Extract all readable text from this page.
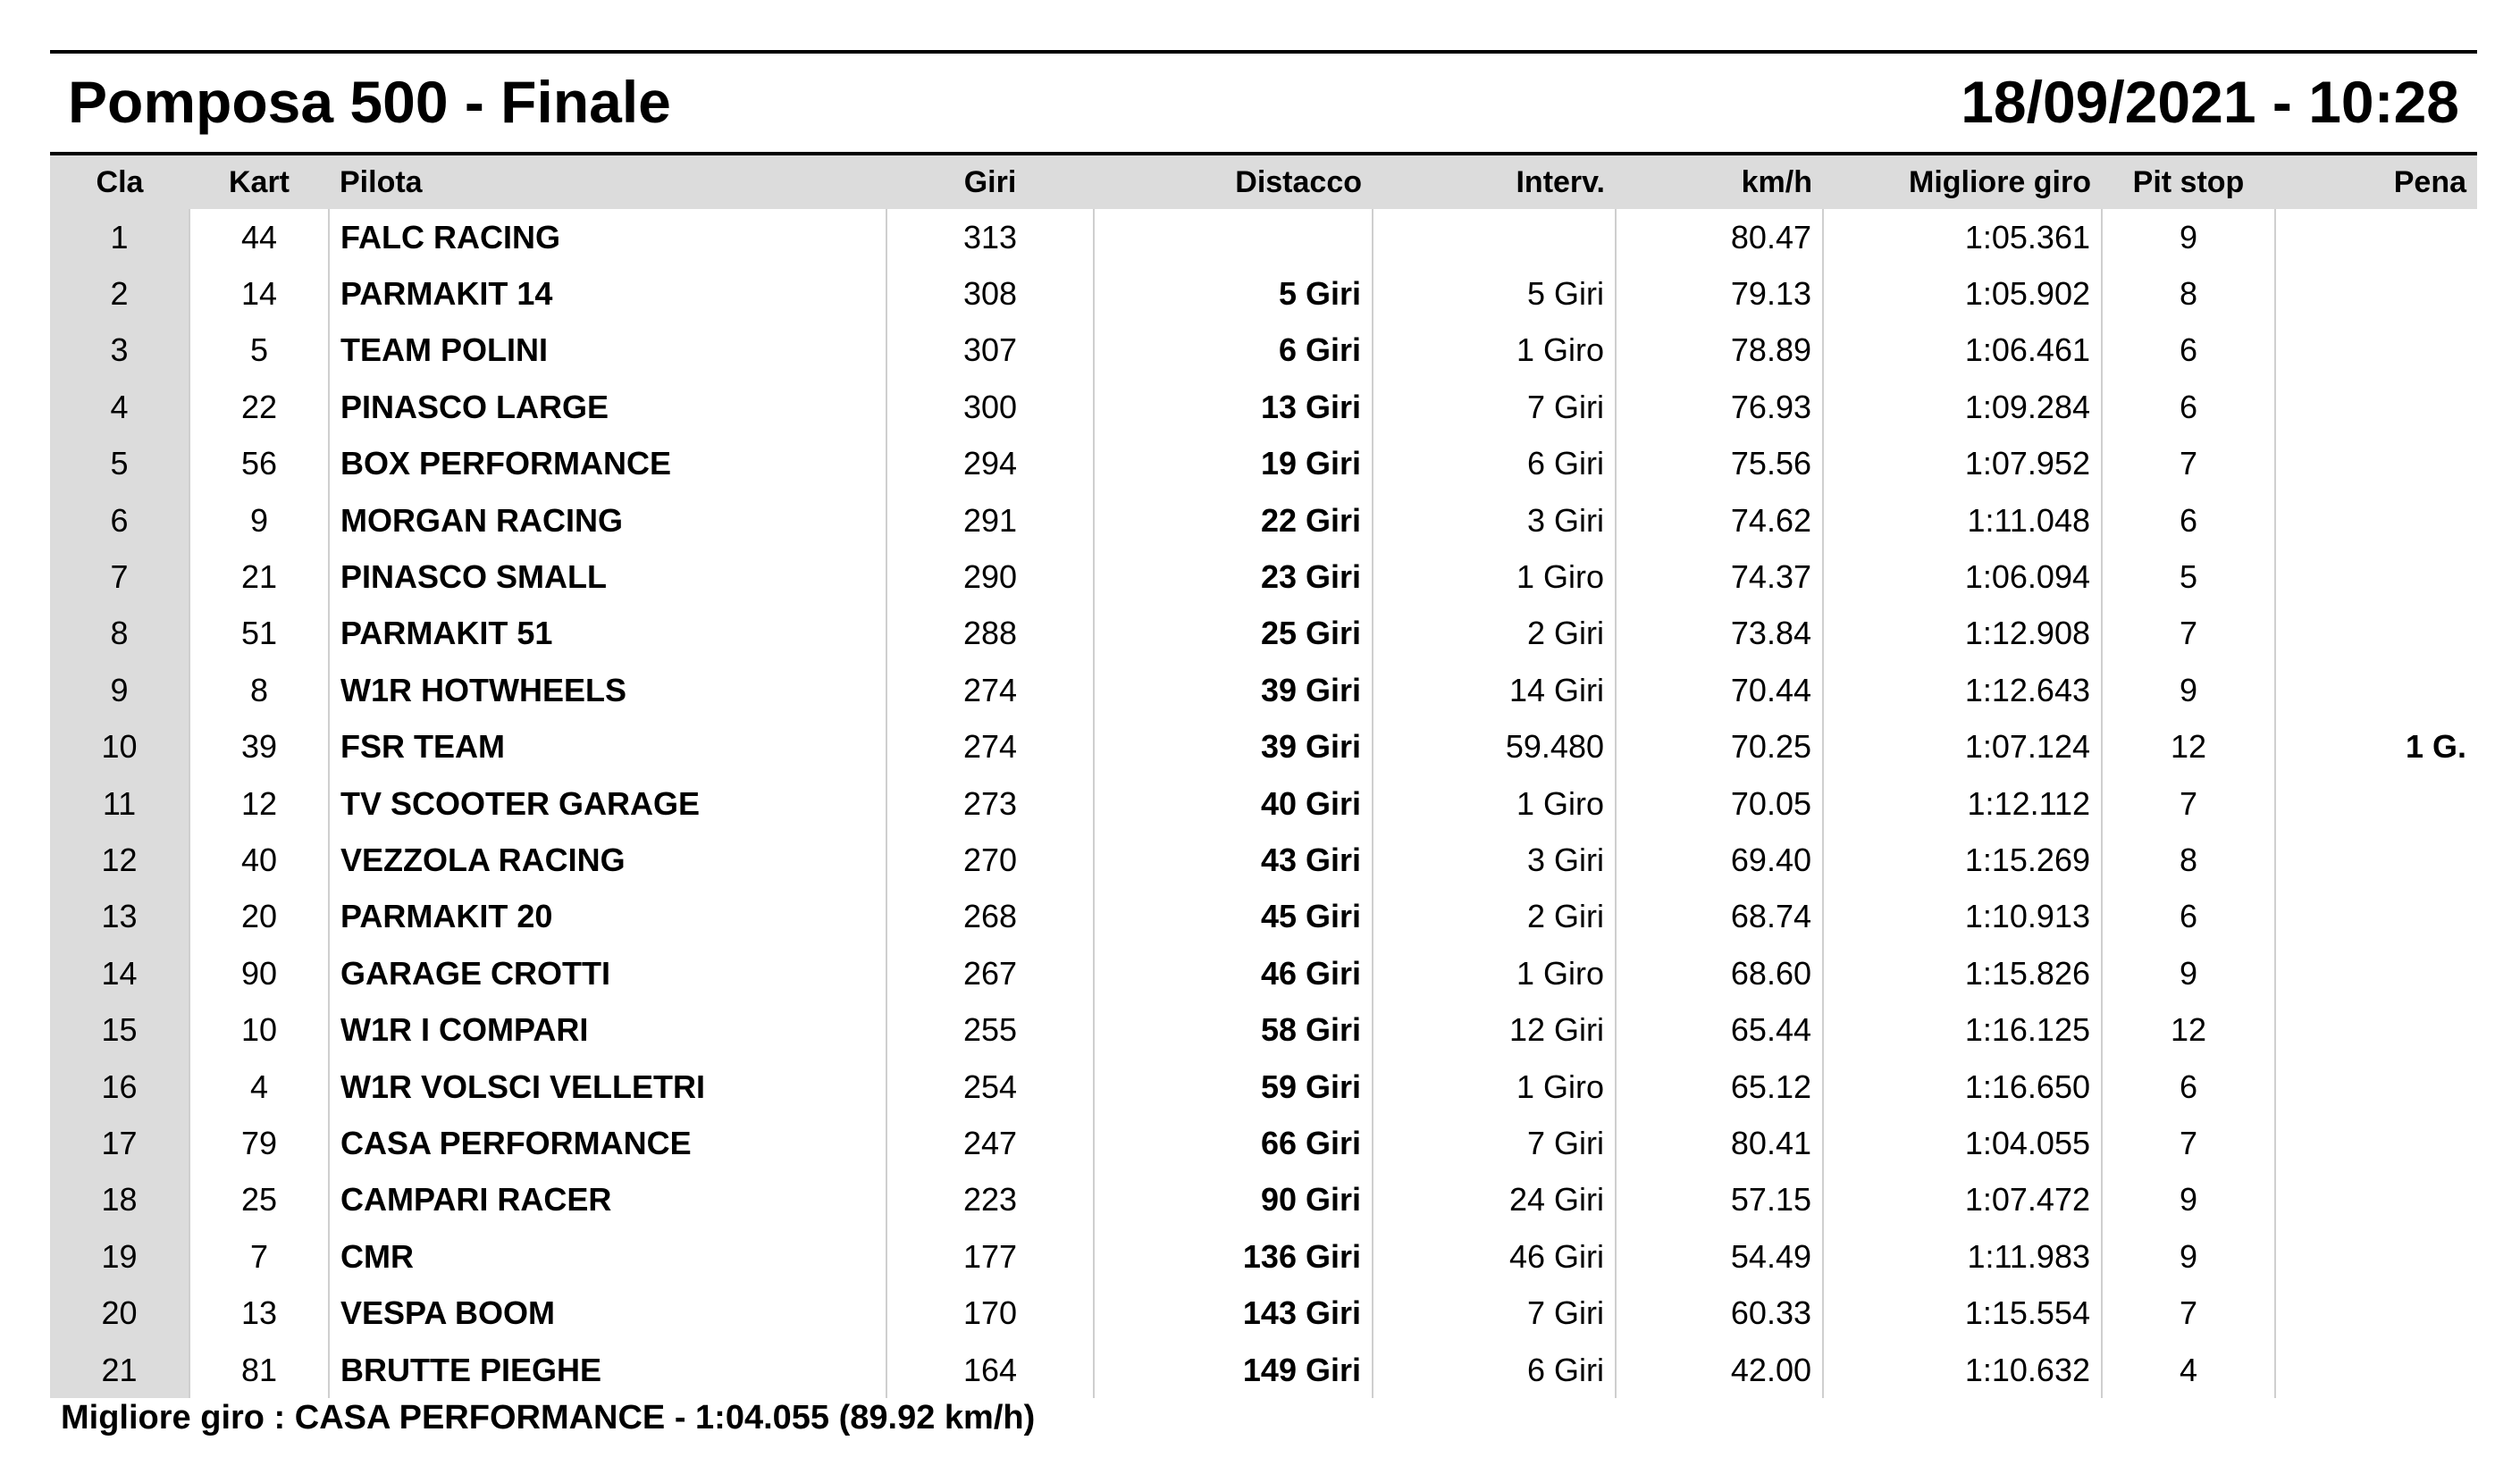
Pomposa 500 - Finale	18/09/2021 - 10:28
Cla	Kart	Pilota	Giri	Distacco	Interv.	km/h	Migliore giro	Pit stop	Pena
1	44	FALC RACING	313			80.47	1:05.361	9	
2	14	PARMAKIT 14	308	5 Giri	5 Giri	79.13	1:05.902	8	
3	5	TEAM POLINI	307	6 Giri	1 Giro	78.89	1:06.461	6	
4	22	PINASCO LARGE	300	13 Giri	7 Giri	76.93	1:09.284	6	
5	56	BOX PERFORMANCE	294	19 Giri	6 Giri	75.56	1:07.952	7	
6	9	MORGAN RACING	291	22 Giri	3 Giri	74.62	1:11.048	6	
7	21	PINASCO SMALL	290	23 Giri	1 Giro	74.37	1:06.094	5	
8	51	PARMAKIT 51	288	25 Giri	2 Giri	73.84	1:12.908	7	
9	8	W1R HOTWHEELS	274	39 Giri	14 Giri	70.44	1:12.643	9	
10	39	FSR TEAM	274	39 Giri	59.480	70.25	1:07.124	12	1 G.
11	12	TV SCOOTER GARAGE	273	40 Giri	1 Giro	70.05	1:12.112	7	
12	40	VEZZOLA RACING	270	43 Giri	3 Giri	69.40	1:15.269	8	
13	20	PARMAKIT 20	268	45 Giri	2 Giri	68.74	1:10.913	6	
14	90	GARAGE CROTTI	267	46 Giri	1 Giro	68.60	1:15.826	9	
15	10	W1R I COMPARI	255	58 Giri	12 Giri	65.44	1:16.125	12	
16	4	W1R VOLSCI VELLETRI	254	59 Giri	1 Giro	65.12	1:16.650	6	
17	79	CASA PERFORMANCE	247	66 Giri	7 Giri	80.41	1:04.055	7	
18	25	CAMPARI RACER	223	90 Giri	24 Giri	57.15	1:07.472	9	
19	7	CMR	177	136 Giri	46 Giri	54.49	1:11.983	9	
20	13	VESPA BOOM	170	143 Giri	7 Giri	60.33	1:15.554	7	
21	81	BRUTTE PIEGHE	164	149 Giri	6 Giri	42.00	1:10.632	4	
Migliore giro : CASA PERFORMANCE - 1:04.055 (89.92 km/h)
